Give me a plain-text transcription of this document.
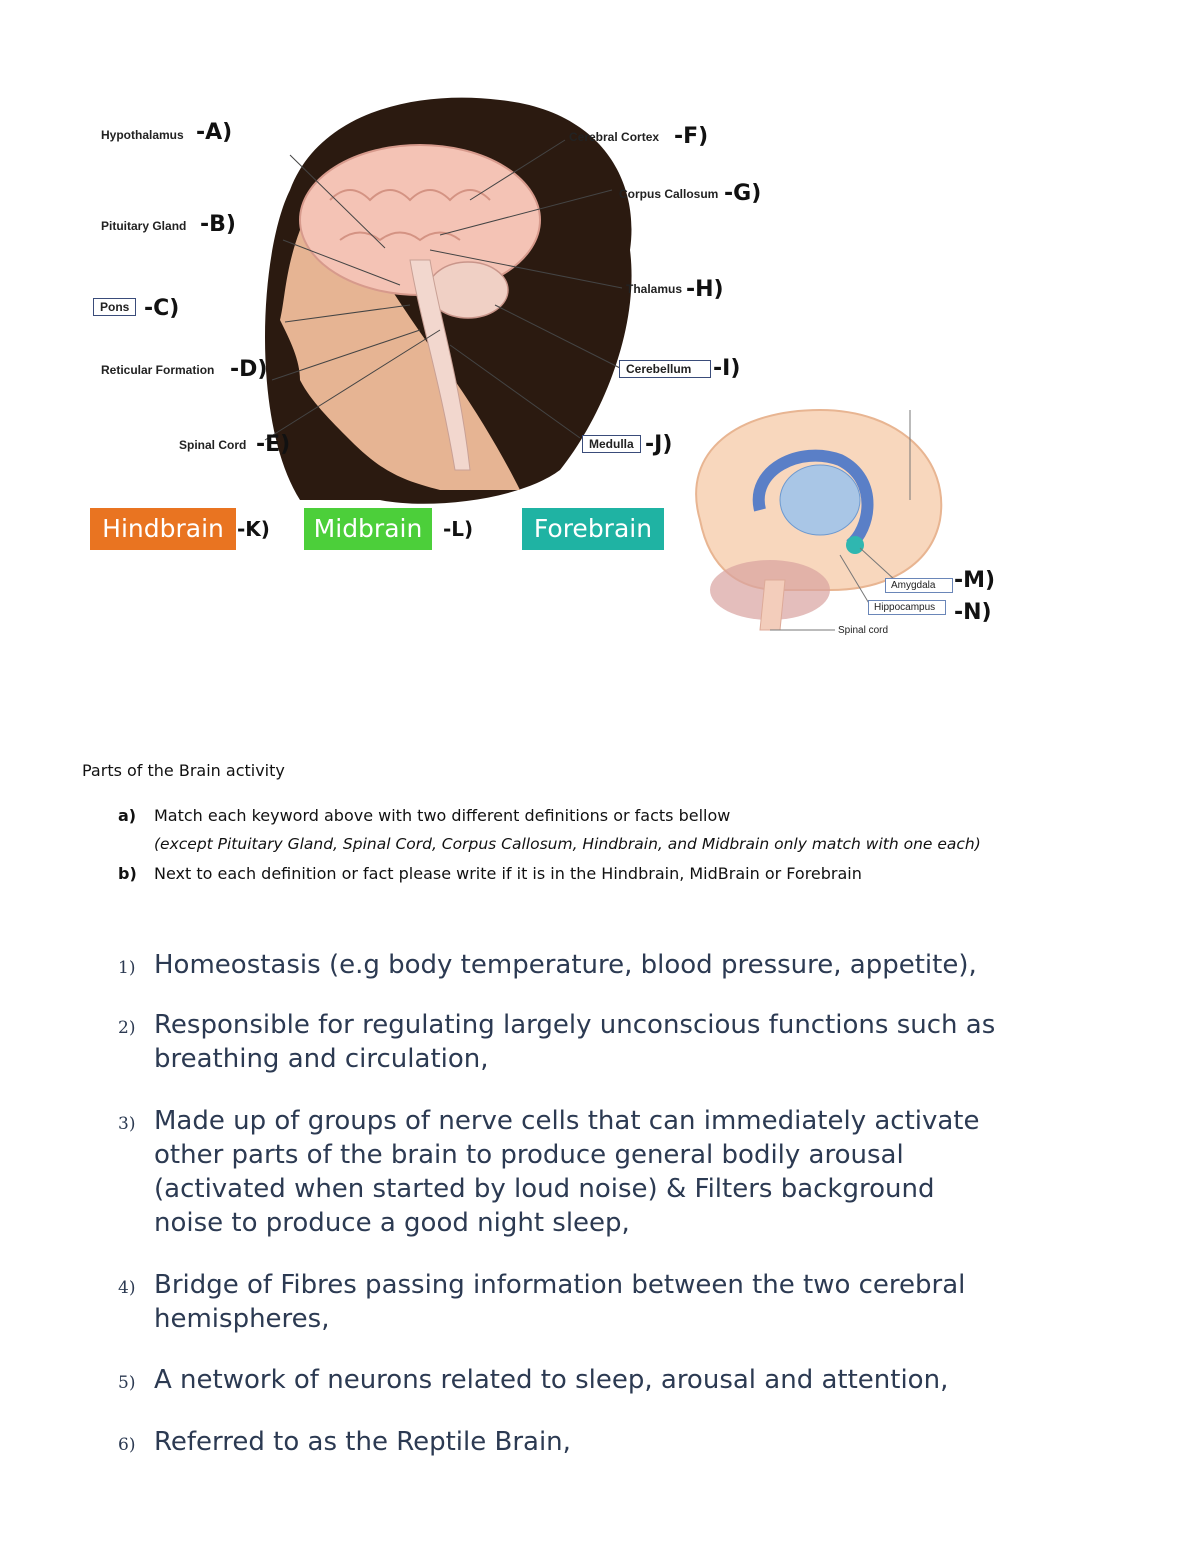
Hypothalamus -A)
Pituitary Gland -B)
Pons -C)
Reticular Formation -D)
Spinal Cord -E)
Cerebral Cortex -F)
Corpus Callosum -G)
Thalamus -H)
Cerebellum -I)
Medulla -J)
Hindbrain -K)	Midbrain	-L)	Forebrain
Amygdala -M)
Hippocampus -N)
Spinal cord
Parts of the Brain activity
a) Match each keyword above with two different definitions or facts bellow
(except Pituitary Gland, Spinal Cord, Corpus Callosum, Hindbrain, and Midbrain only match with one each)
b) Next to each definition or fact please write if it is in the Hindbrain, MidBrain or Forebrain
1) Homeostasis (e.g body temperature, blood pressure, appetite),
2) Responsible for regulating largely unconscious functions such as
breathing and circulation,
3) Made up of groups of nerve cells that can immediately activate
other parts of the brain to produce general bodily arousal
(activated when started by loud noise) & Filters background
noise to produce a good night sleep,
4) Bridge of Fibres passing information between the two cerebral
hemispheres,
5) A network of neurons related to sleep, arousal and attention,
6) Referred to as the Reptile Brain,
